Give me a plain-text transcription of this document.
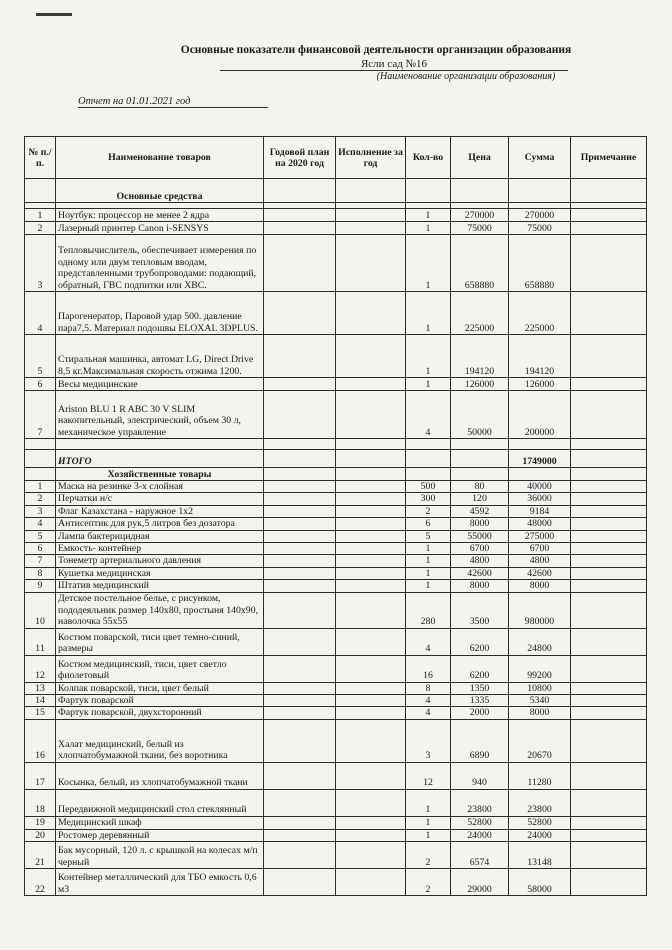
Основные показатели финансовой деятельности организации образования
Ясли сад №16
(Наименование организации образования)
Отчет на 01.01.2021 год
№ п./п.	Наименование товаров	Годовой план на 2020 год	Исполнение за год	Кол-во	Цена	Сумма	Примечание
	Основные средства						

1	Ноутбук: процессор не менее 2 ядра			1	270000	270000	
2	Лазерный принтер Canon i-SENSYS			1	75000	75000	
3	Тепловычислитель, обеспечивает измерения по одному или двум тепловым вводам, представленными трубопроводами: подающий, обратный, ГВС подпитки или ХВС.			1	658880	658880	
4	Парогенератор, Паровой удар 500. давление пара7,5. Материал подошвы ELOXAL 3DPLUS.			1	225000	225000	
5	Стиральная машинка, автомат LG, Direct Drive 8,5 кг.Максимальная скорость отжима 1200.			1	194120	194120	
6	Весы медицинские			1	126000	126000	
7	Ariston BLU 1 R ABC 30 V SLIM накопительный, электрический, объем 30 л, механическое управление			4	50000	200000	

	ИТОГО					1749000	
	Хозяйственные товары						
1	Маска на резинке 3-х слойная			500	80	40000	
2	Перчатки н/с			300	120	36000	
3	Флаг Казахстана - наружное 1х2			2	4592	9184	
4	Антисептик для рук,5 литров без дозатора			6	8000	48000	
5	Лампа бактерицидная			5	55000	275000	
6	Емкость- контейнер			1	6700	6700	
7	Тонеметр артериального давления			1	4800	4800	
8	Кушетка медицинская			1	42600	42600	
9	Штатив медицинский			1	8000	8000	
10	Детское постельное белье, с рисунком, пододеяльник размер 140х80, простыня 140х90, наволочка 55х55			280	3500	980000	
11	Костюм поварской, тиси цвет темно-синий, размеры			4	6200	24800	
12	Костюм медицинский, тиси, цвет светло фиолетовый			16	6200	99200	
13	Колпак поварской, тиси, цвет белый			8	1350	10800	
14	Фартук поварской			4	1335	5340	
15	Фартук поварской, двухсторонний			4	2000	8000	
16	Халат медицинский, белый из хлопчатобумажной ткани, без воротника			3	6890	20670	
17	Косынка, белый, из хлопчатобумажной ткани			12	940	11280	
18	Передвижной медицинский стол стеклянный			1	23800	23800	
19	Медицинский шкаф			1	52800	52800	
20	Ростомер деревянный			1	24000	24000	
21	Бак мусорный, 120 л. с крышкой на колесах м/п черный			2	6574	13148	
22	Контейнер металлический для ТБО емкость 0,6 м3			2	29000	58000	
